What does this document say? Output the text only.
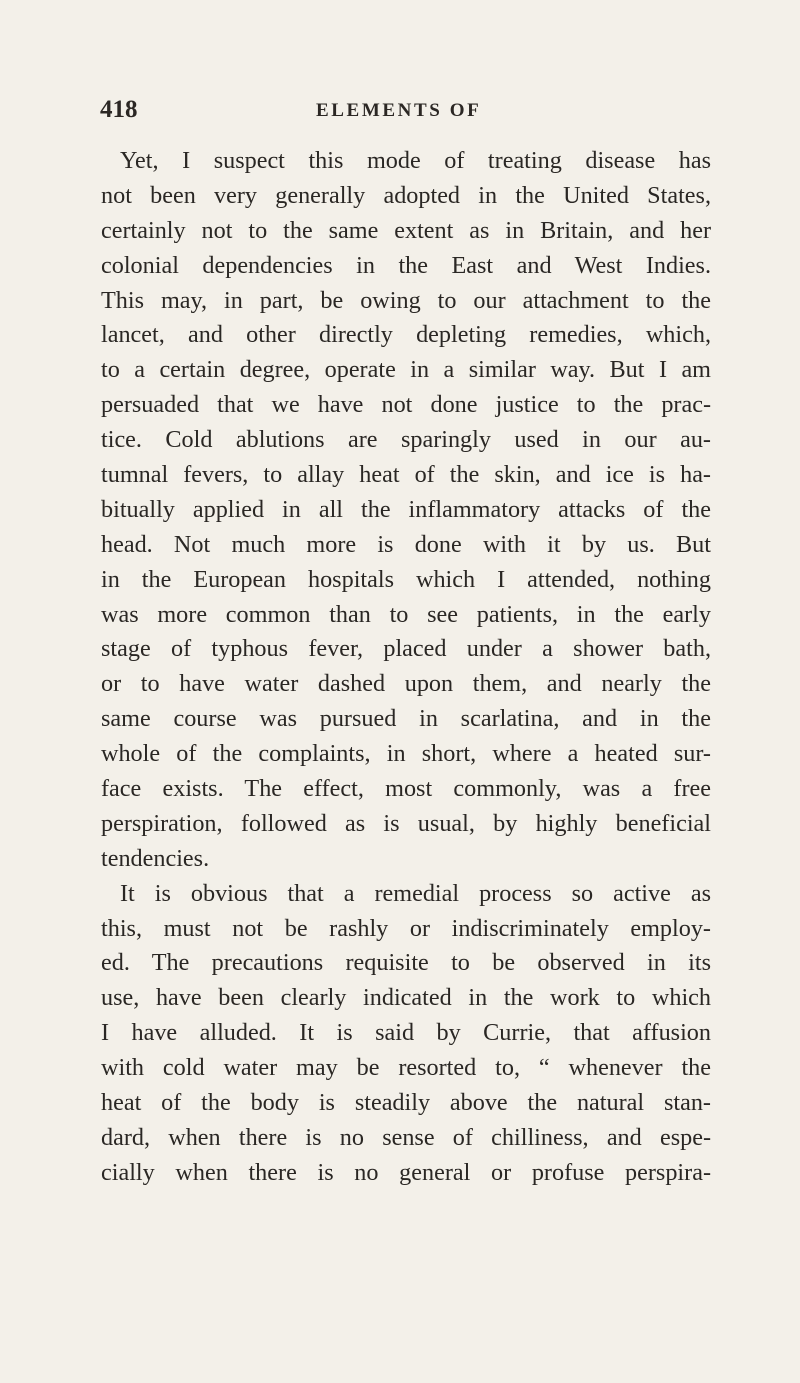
418	ELEMENTS OF
Yet, I suspect this mode of treating disease has
not been very generally adopted in the United States,
certainly not to the same extent as in Britain, and her
colonial dependencies in the East and West Indies.
This may, in part, be owing to our attachment to the
lancet, and other directly depleting remedies, which,
to a certain degree, operate in a similar way. But I am
persuaded that we have not done justice to the prac-
tice. Cold ablutions are sparingly used in our au-
tumnal fevers, to allay heat of the skin, and ice is ha-
bitually applied in all the inflammatory attacks of the
head. Not much more is done with it by us. But
in the European hospitals which I attended, nothing
was more common than to see patients, in the early
stage of typhous fever, placed under a shower bath,
or to have water dashed upon them, and nearly the
same course was pursued in scarlatina, and in the
whole of the complaints, in short, where a heated sur-
face exists. The effect, most commonly, was a free
perspiration, followed as is usual, by highly beneficial
tendencies.
It is obvious that a remedial process so active as
this, must not be rashly or indiscriminately employ-
ed. The precautions requisite to be observed in its
use, have been clearly indicated in the work to which
I have alluded. It is said by Currie, that affusion
with cold water may be resorted to, “ whenever the
heat of the body is steadily above the natural stan-
dard, when there is no sense of chilliness, and espe-
cially when there is no general or profuse perspira-
